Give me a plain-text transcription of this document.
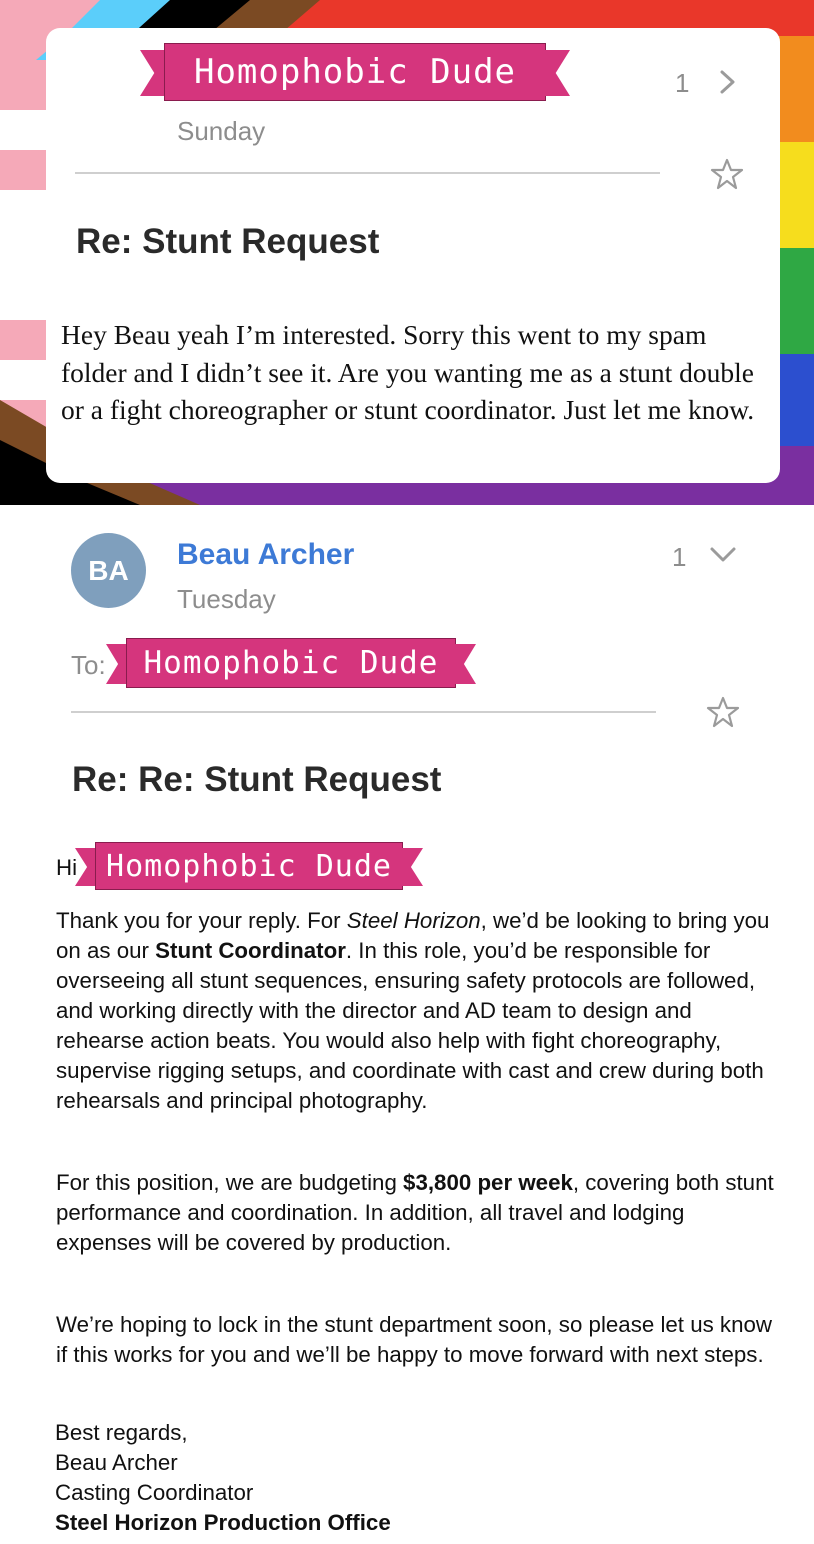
Homophobic Dude	1
Sunday
Re: Stunt Request
Hey Beau yeah I’m interested. Sorry this went to my spam folder and I didn’t see it. Are you wanting me as a stunt double or a fight choreographer or stunt coordinator. Just let me know.
BA	Beau Archer	1
Tuesday
To:	Homophobic Dude
Re: Re: Stunt Request
Hi Homophobic Dude

Thank you for your reply. For Steel Horizon, we’d be looking to bring you on as our Stunt Coordinator. In this role, you’d be responsible for overseeing all stunt sequences, ensuring safety protocols are followed, and working directly with the director and AD team to design and rehearse action beats. You would also help with fight choreography, supervise rigging setups, and coordinate with cast and crew during both rehearsals and principal photography.

For this position, we are budgeting $3,800 per week, covering both stunt performance and coordination. In addition, all travel and lodging expenses will be covered by production.

We’re hoping to lock in the stunt department soon, so please let us know if this works for you and we’ll be happy to move forward with next steps.

Best regards,
Beau Archer
Casting Coordinator
Steel Horizon Production Office
